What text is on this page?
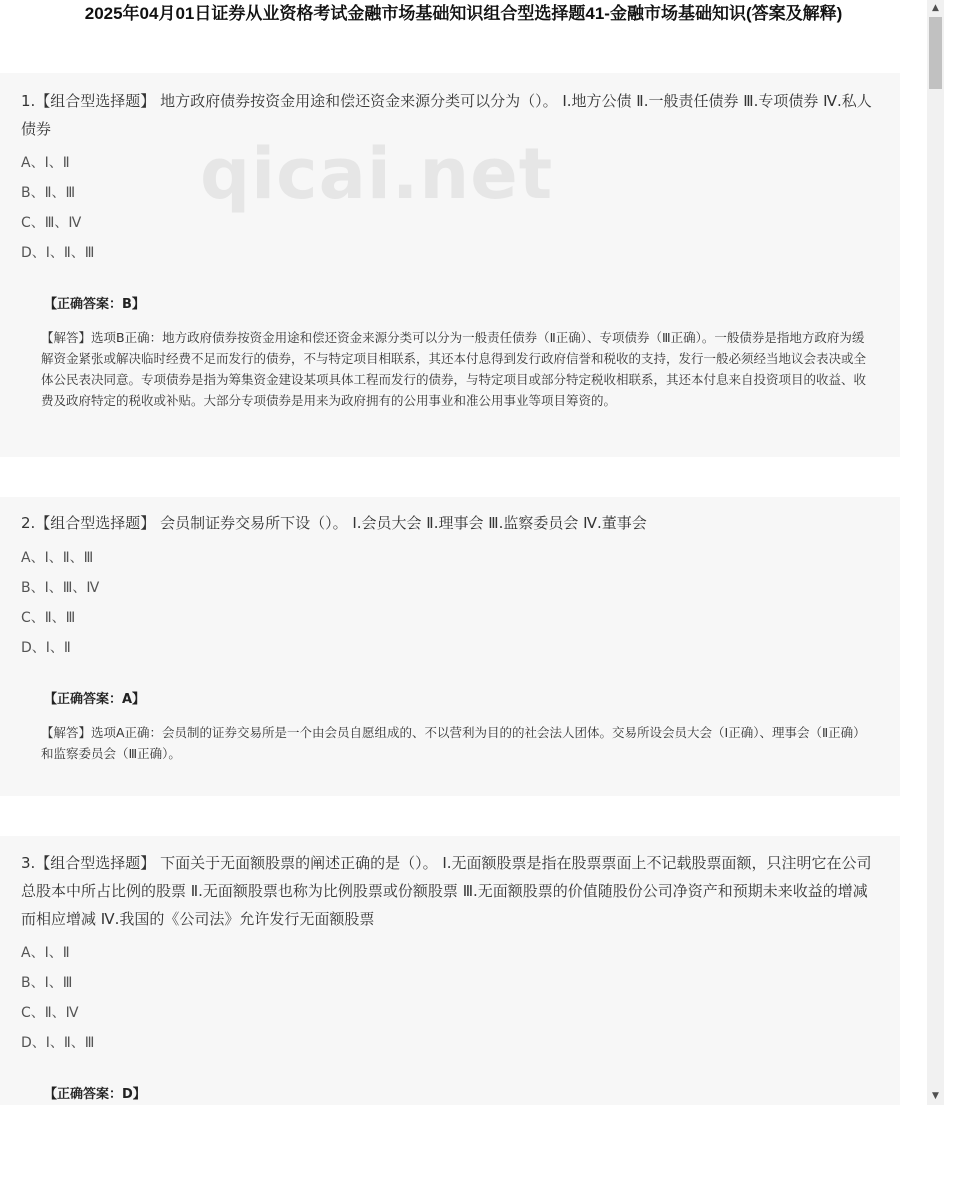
2025年04月01日证券从业资格考试金融市场基础知识组合型选择题41-金融市场基础知识(答案及解释)
1.【组合型选择题】 地方政府债券按资金用途和偿还资金来源分类可以分为（）。 Ⅰ.地方公债 Ⅱ.一般责任债券 Ⅲ.专项债券 Ⅳ.私人债券
A、Ⅰ、Ⅱ
B、Ⅱ、Ⅲ
C、Ⅲ、Ⅳ
D、Ⅰ、Ⅱ、Ⅲ
【正确答案：B】
【解答】选项B正确：地方政府债券按资金用途和偿还资金来源分类可以分为一般责任债券（Ⅱ正确）、专项债券（Ⅲ正确）。一般债券是指地方政府为缓解资金紧张或解决临时经费不足而发行的债券，不与特定项目相联系，其还本付息得到发行政府信誉和税收的支持，发行一般必须经当地议会表决或全体公民表决同意。专项债券是指为筹集资金建设某项具体工程而发行的债券，与特定项目或部分特定税收相联系，其还本付息来自投资项目的收益、收费及政府特定的税收或补贴。大部分专项债券是用来为政府拥有的公用事业和准公用事业等项目筹资的。
qicai.net
2.【组合型选择题】 会员制证券交易所下设（）。 Ⅰ.会员大会 Ⅱ.理事会 Ⅲ.监察委员会 Ⅳ.董事会
A、Ⅰ、Ⅱ、Ⅲ
B、Ⅰ、Ⅲ、Ⅳ
C、Ⅱ、Ⅲ
D、Ⅰ、Ⅱ
【正确答案：A】
【解答】选项A正确：会员制的证券交易所是一个由会员自愿组成的、不以营利为目的的社会法人团体。交易所设会员大会（Ⅰ正确）、理事会（Ⅱ正确）和监察委员会（Ⅲ正确）。
3.【组合型选择题】 下面关于无面额股票的阐述正确的是（）。 Ⅰ.无面额股票是指在股票票面上不记载股票面额，只注明它在公司总股本中所占比例的股票 Ⅱ.无面额股票也称为比例股票或份额股票 Ⅲ.无面额股票的价值随股份公司净资产和预期未来收益的增减而相应增减 Ⅳ.我国的《公司法》允许发行无面额股票
A、Ⅰ、Ⅱ
B、Ⅰ、Ⅲ
C、Ⅱ、Ⅳ
D、Ⅰ、Ⅱ、Ⅲ
【正确答案：D】
▲
▼
